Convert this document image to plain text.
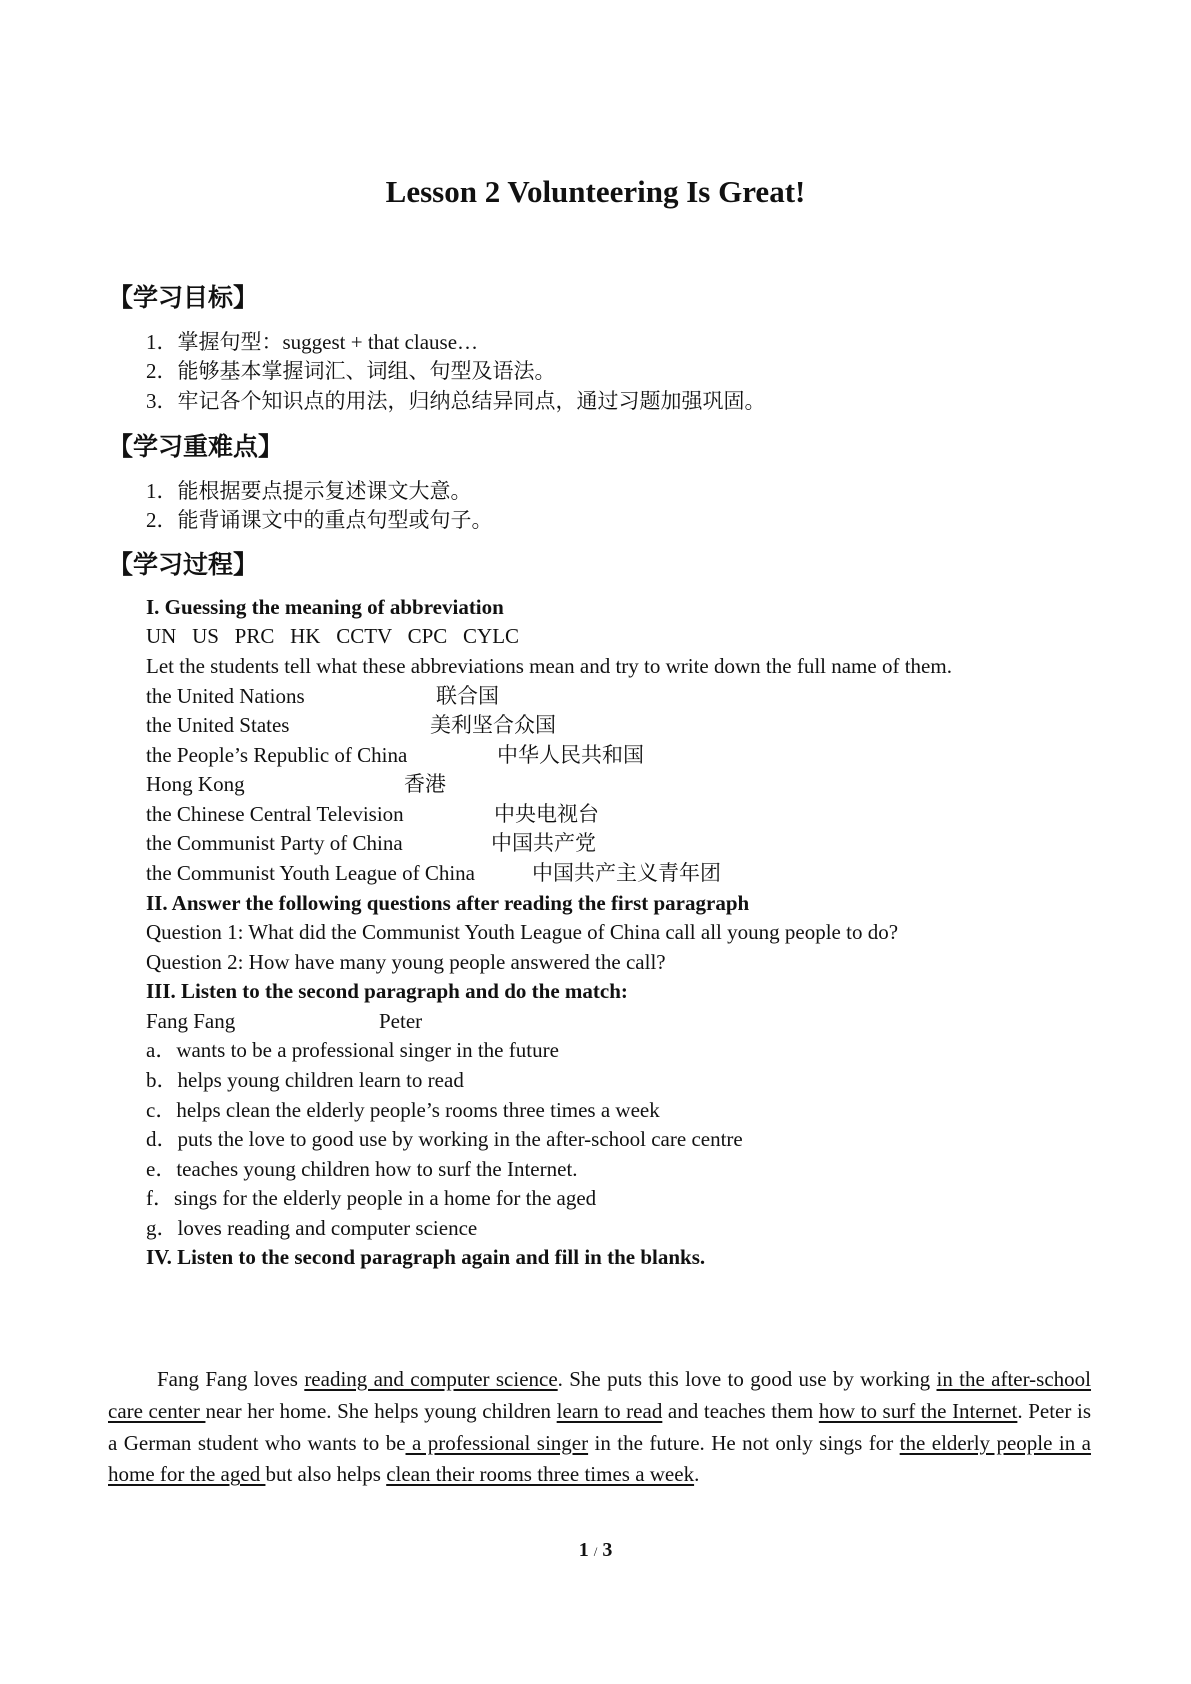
Lesson 2 Volunteering Is Great!

【学习目标】

1．掌握句型：suggest + that clause…

2．能够基本掌握词汇、词组、句型及语法。

3．牢记各个知识点的用法，归纳总结异同点，通过习题加强巩固。

【学习重难点】

1．能根据要点提示复述课文大意。

2．能背诵课文中的重点句型或句子。

【学习过程】

I. Guessing the meaning of abbreviation

UN   US   PRC   HK   CCTV   CPC   CYLC

Let the students tell what these abbreviations mean and try to write down the full name of them.

the United Nations	联合国

the United States	美利坚合众国

the People’s Republic of China	中华人民共和国

Hong Kong	香港

the Chinese Central Television	中央电视台

the Communist Party of China	中国共产党

the Communist Youth League of China	中国共产主义青年团

II. Answer the following questions after reading the first paragraph

Question 1: What did the Communist Youth League of China call all young people to do?

Question 2: How have many young people answered the call?

III. Listen to the second paragraph and do the match:

Fang Fang	Peter

a．wants to be a professional singer in the future

b．helps young children learn to read

c．helps clean the elderly people’s rooms three times a week

d．puts the love to good use by working in the after-school care centre

e．teaches young children how to surf the Internet.

f．sings for the elderly people in a home for the aged

g．loves reading and computer science

IV. Listen to the second paragraph again and fill in the blanks.

Fang Fang loves reading and computer science. She puts this love to good use by working in the after-school care center near her home. She helps young children learn to read and teaches them how to surf the Internet. Peter is a German student who wants to be a professional singer in the future. He not only sings for the elderly people in a home for the aged but also helps clean their rooms three times a week.

1 / 3
